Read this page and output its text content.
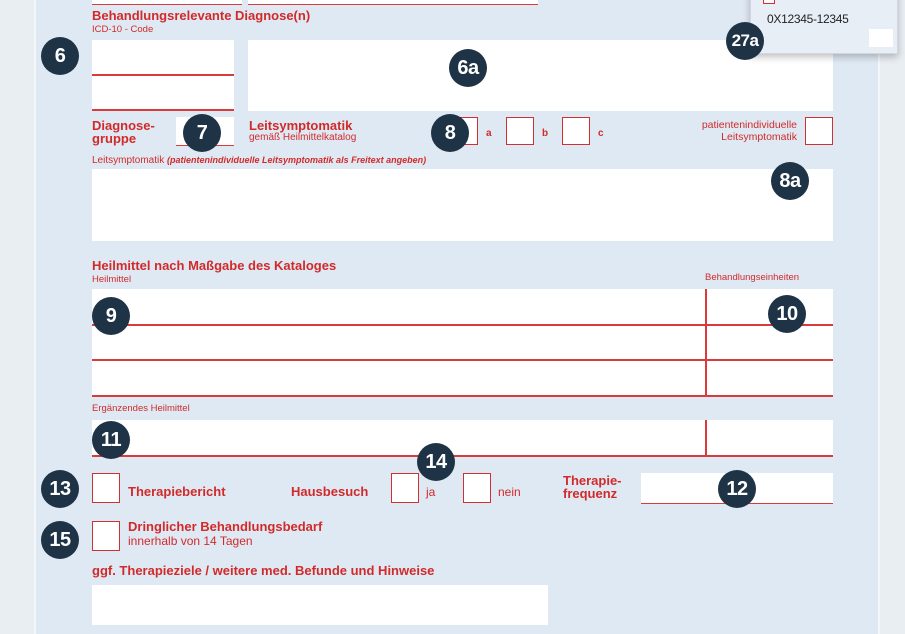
0X12345-12345
Behandlungsrelevante Diagnose(n)
ICD-10 - Code
Diagnose-
gruppe
Leitsymptomatik
gemäß Heilmittelkatalog	a	b	c
patientenindividuelle
Leitsymptomatik
Leitsymptomatik (patientenindividuelle Leitsymptomatik als Freitext angeben)
Heilmittel nach Maßgabe des Kataloges
Heilmittel	Behandlungseinheiten
Ergänzendes Heilmittel
Therapiebericht	Hausbesuch	ja	nein
Therapie-
frequenz
Dringlicher Behandlungsbedarf
innerhalb von 14 Tagen
ggf. Therapieziele / weitere med. Befunde und Hinweise
6
6a
7	8
8a
9	10
11
12
13
14
15
27a
